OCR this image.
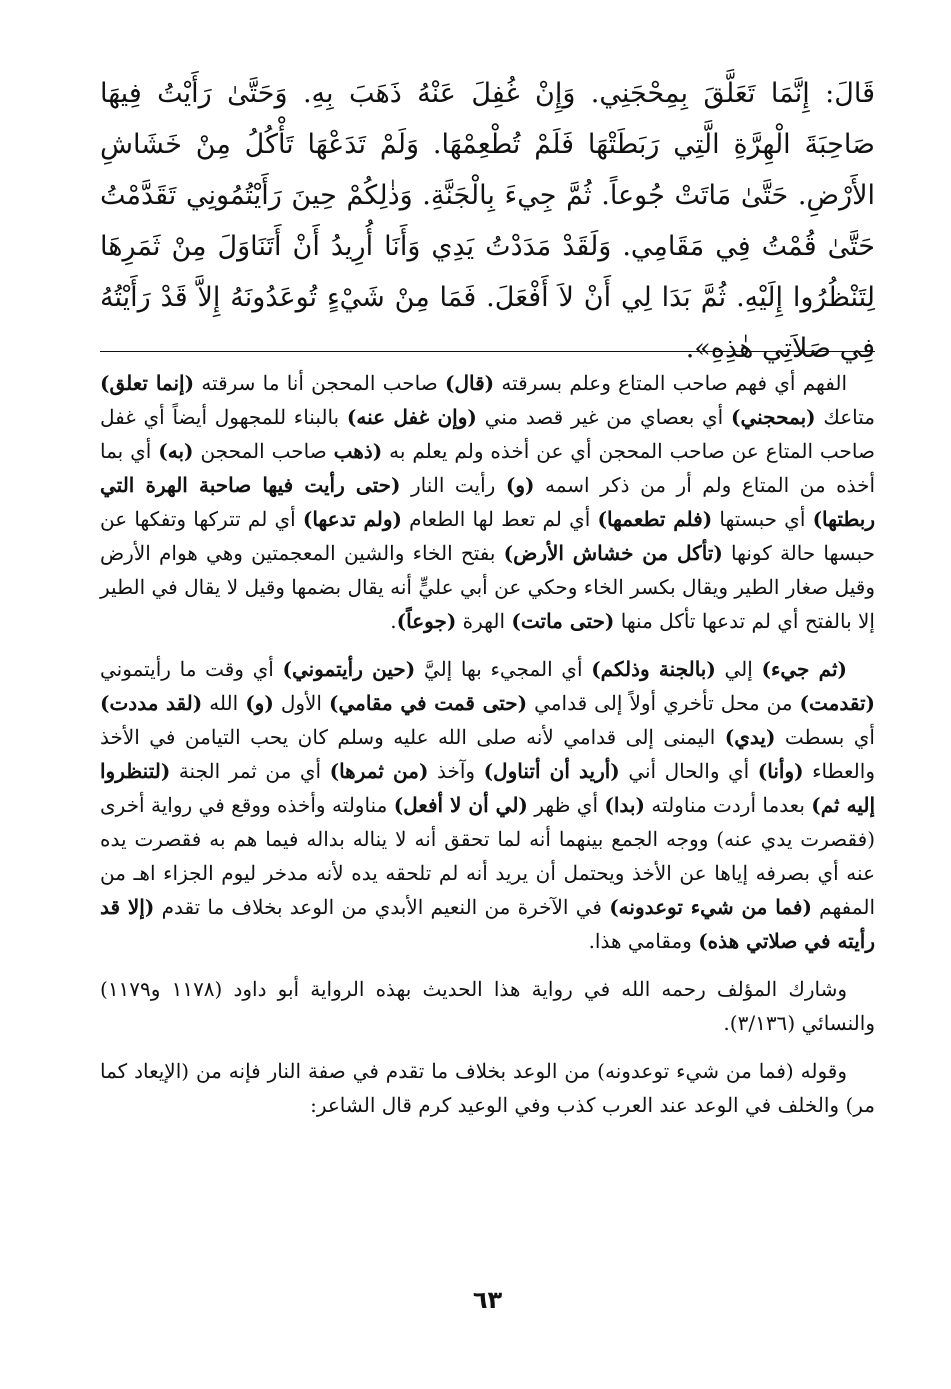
قَالَ: إِنَّمَا تَعَلَّقَ بِمِحْجَنِي. وَإِنْ غُفِلَ عَنْهُ ذَهَبَ بِهِ. وَحَتَّىٰ رَأَيْتُ فِيهَا صَاحِبَةَ الْهِرَّةِ الَّتِي رَبَطَتْهَا فَلَمْ تُطْعِمْهَا. وَلَمْ تَدَعْهَا تَأْكُلُ مِنْ خَشَاشِ الأَرْضِ. حَتَّىٰ مَاتَتْ جُوعاً. ثُمَّ جِيءَ بِالْجَنَّةِ. وَذٰلِكُمْ حِينَ رَأَيْتُمُونِي تَقَدَّمْتُ حَتَّىٰ قُمْتُ فِي مَقَامِي. وَلَقَدْ مَدَدْتُ يَدِي وَأَنَا أُرِيدُ أَنْ أَتَنَاوَلَ مِنْ ثَمَرِهَا لِتَنْظُرُوا إِلَيْهِ. ثُمَّ بَدَا لِي أَنْ لاَ أَفْعَلَ. فَمَا مِنْ شَيْءٍ تُوعَدُونَهُ إِلاَّ قَدْ رَأَيْتُهُ فِي صَلاَتِي هٰذِهِ».

الفهم أي فهم صاحب المتاع وعلم بسرقته (قال) صاحب المحجن أنا ما سرقته (إنما تعلق) متاعك (بمحجني) أي بعصاي من غير قصد مني (وإن غفل عنه) بالبناء للمجهول أيضاً أي غفل صاحب المتاع عن صاحب المحجن أي عن أخذه ولم يعلم به (ذهب صاحب المحجن (به) أي بما أخذه من المتاع ولم أر من ذكر اسمه (و) رأيت النار (حتى رأيت فيها صاحبة الهرة التي ربطتها) أي حبستها (فلم تطعمها) أي لم تعط لها الطعام (ولم تدعها) أي لم تتركها وتفكها عن حبسها حالة كونها (تأكل من خشاش الأرض) بفتح الخاء والشين المعجمتين وهي هوام الأرض وقيل صغار الطير ويقال بكسر الخاء وحكي عن أبي عليٍّ أنه يقال بضمها وقيل لا يقال في الطير إلا بالفتح أي لم تدعها تأكل منها (حتى ماتت) الهرة (جوعاً).

(ثم جيء) إلي (بالجنة وذلكم) أي المجيء بها إليَّ (حين رأيتموني) أي وقت ما رأيتموني (تقدمت) من محل تأخري أولاً إلى قدامي (حتى قمت في مقامي) الأول (و) الله (لقد مددت) أي بسطت (يدي) اليمنى إلى قدامي لأنه صلى الله عليه وسلم كان يحب التيامن في الأخذ والعطاء (وأنا) أي والحال أني (أريد أن أتناول) وآخذ (من ثمرها) أي من ثمر الجنة (لتنظروا إليه ثم) بعدما أردت مناولته (بدا) أي ظهر (لي أن لا أفعل) مناولته وأخذه ووقع في رواية أخرى (فقصرت يدي عنه) ووجه الجمع بينهما أنه لما تحقق أنه لا يناله بداله فيما هم به فقصرت يده عنه أي بصرفه إياها عن الأخذ ويحتمل أن يريد أنه لم تلحقه يده لأنه مدخر ليوم الجزاء اهـ من المفهم (فما من شيء توعدونه) في الآخرة من النعيم الأبدي من الوعد بخلاف ما تقدم (إلا قد رأيته في صلاتي هذه) ومقامي هذا.

وشارك المؤلف رحمه الله في رواية هذا الحديث بهذه الرواية أبو داود (١١٧٨ و١١٧٩) والنسائي (٣/١٣٦).

وقوله (فما من شيء توعدونه) من الوعد بخلاف ما تقدم في صفة النار فإنه من (الإيعاد كما مر) والخلف في الوعد عند العرب كذب وفي الوعيد كرم قال الشاعر:

٦٣
